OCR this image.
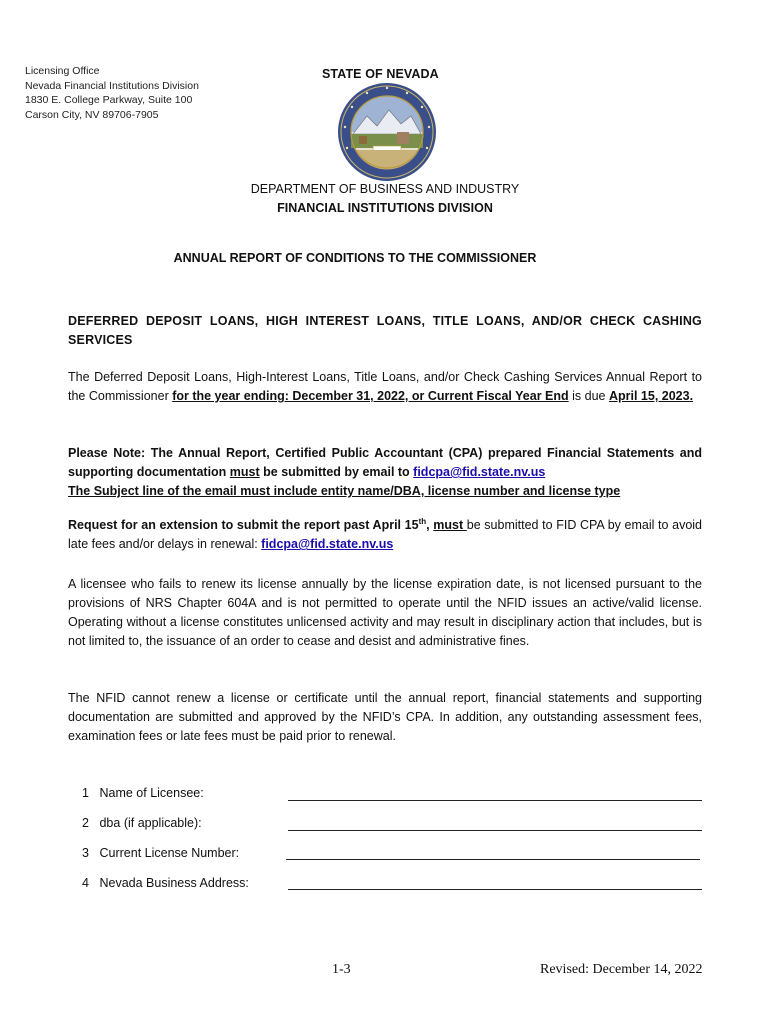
Licensing Office
Nevada Financial Institutions Division
1830 E. College Parkway, Suite 100
Carson City, NV 89706-7905
STATE OF NEVADA
DEPARTMENT OF BUSINESS AND INDUSTRY
FINANCIAL INSTITUTIONS DIVISION
ANNUAL REPORT OF CONDITIONS TO THE COMMISSIONER
DEFERRED DEPOSIT LOANS, HIGH INTEREST LOANS, TITLE LOANS, AND/OR CHECK CASHING SERVICES
The Deferred Deposit Loans, High-Interest Loans, Title Loans, and/or Check Cashing Services Annual Report to the Commissioner for the year ending: December 31, 2022, or Current Fiscal Year End is due April 15, 2023.
Please Note: The Annual Report, Certified Public Accountant (CPA) prepared Financial Statements and supporting documentation must be submitted by email to fidcpa@fid.state.nv.us
The Subject line of the email must include entity name/DBA, license number and license type
Request for an extension to submit the report past April 15th, must be submitted to FID CPA by email to avoid late fees and/or delays in renewal: fidcpa@fid.state.nv.us
A licensee who fails to renew its license annually by the license expiration date, is not licensed pursuant to the provisions of NRS Chapter 604A and is not permitted to operate until the NFID issues an active/valid license. Operating without a license constitutes unlicensed activity and may result in disciplinary action that includes, but is not limited to, the issuance of an order to cease and desist and administrative fines.
The NFID cannot renew a license or certificate until the annual report, financial statements and supporting documentation are submitted and approved by the NFID’s CPA. In addition, any outstanding assessment fees, examination fees or late fees must be paid prior to renewal.
1 Name of Licensee:
2 dba (if applicable):
3 Current License Number:
4 Nevada Business Address:
1-3	Revised: December 14, 2022
